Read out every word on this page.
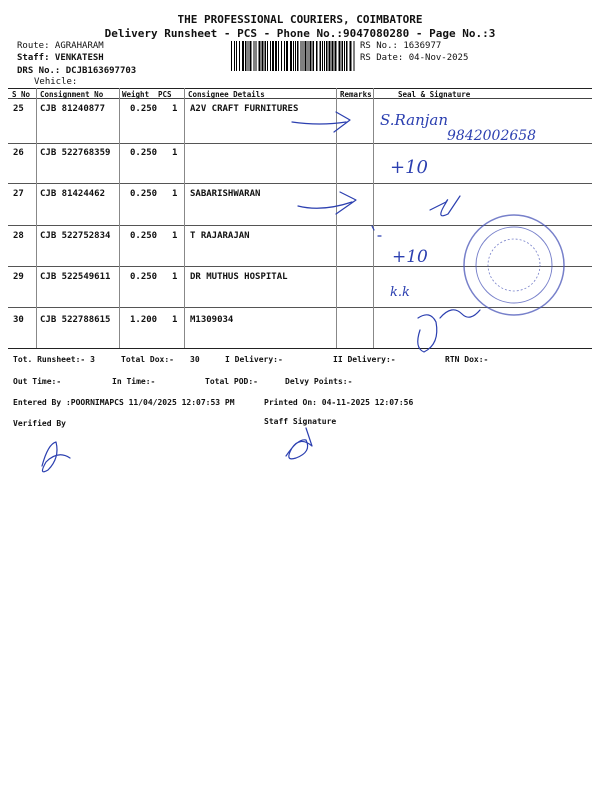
THE PROFESSIONAL COURIERS, COIMBATORE
Delivery Runsheet - PCS - Phone No.:9047080280 - Page No.:3
Route: AGRAHARAM
Staff: VENKATESH
DRS No.: DCJB163697703
Vehicle:
RS No.: 1636977
RS Date: 04-Nov-2025
S No Consignment No	Weight PCS Consignee Details	Remarks	Seal & Signature
25 CJB 81240877	0.250 1 A2V CRAFT FURNITURES
26 CJB 522768359 0.250 1
27 CJB 81424462	0.250 1 SABARISHWARAN
28 CJB 522752834 0.250 1 T RAJARAJAN
29 CJB 522549611 0.250 1 DR MUTHUS HOSPITAL
30 CJB 522788615 1.200 1 M1309034
S.Ranjan
9842002658
+10
+10
k.k
Tot. Runsheet:- 3	Total Dox:- 30	I Delivery:-	II Delivery:-	RTN Dox:-
Out Time:-	In Time:-	Total POD:-	Delvy Points:-
Entered By :POORNIMAPCS 11/04/2025 12:07:53 PM	Printed On: 04-11-2025 12:07:56
Verified By	Staff Signature
